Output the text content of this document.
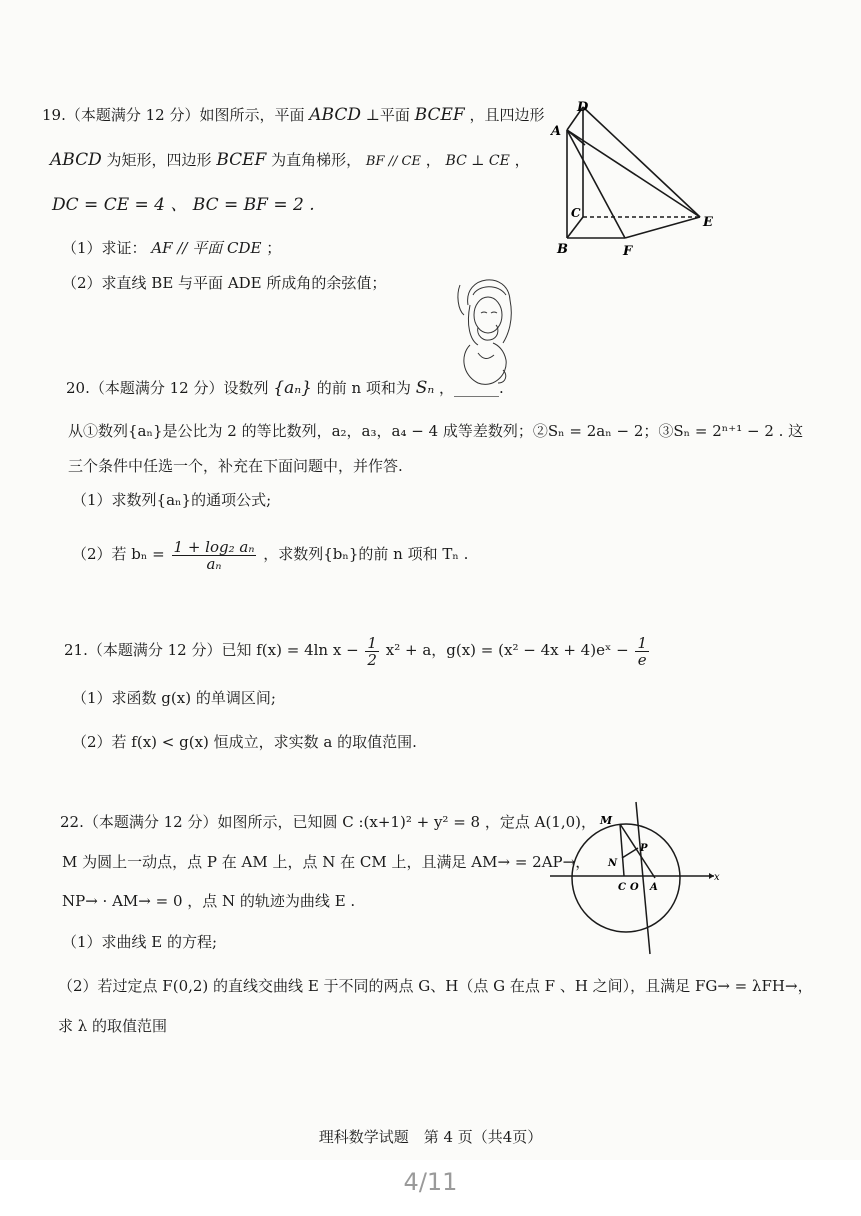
19.（本题满分 12 分）如图所示，平面 ABCD ⊥平面 BCEF ，且四边形
ABCD 为矩形，四边形 BCEF 为直角梯形， BF // CE ， BC ⊥ CE ，
DC = CE = 4 、 BC = BF = 2 .
（1）求证： AF // 平面 CDE ；
（2）求直线 BE 与平面 ADE 所成角的余弦值；
D
A
C
E
B	F
20.（本题满分 12 分）设数列 {aₙ} 的前 n 项和为 Sₙ ，______.
从①数列{aₙ}是公比为 2 的等比数列，a₂，a₃，a₄ − 4 成等差数列；②Sₙ = 2aₙ − 2；③Sₙ = 2ⁿ⁺¹ − 2 . 这
三个条件中任选一个，补充在下面问题中，并作答.
（1）求数列{aₙ}的通项公式;
（2）若 $b_n = \frac{\text{1 + log₂ aₙ}}{\text{aₙ}}$ ，求数列{bₙ}的前 n 项和 Tₙ .
21.（本题满分 12 分）已知 f(x) = 4ln $x - \frac{1}{2} x^2 + a$，g(x) = (x² − 4x + 4)eˣ − $\frac{1}{e}$
（1）求函数 g(x) 的单调区间;
（2）若 f(x) < g(x) 恒成立，求实数 a 的取值范围.
22.（本题满分 12 分）如图所示，已知圆 C :(x+1)² + y² = 8 ，定点 A(1,0)，
M 为圆上一动点，点 P 在 AM 上，点 N 在 CM 上，且满足 AM→ = 2AP→，
NP→ · AM→ = 0 ，点 N 的轨迹为曲线 E .
（1）求曲线 E 的方程;
（2）若过定点 F(0,2) 的直线交曲线 E 于不同的两点 G、H（点 G 在点 F 、H 之间），且满足 FG→ = λFH→，
求 λ 的取值范围
M
P
N
C O A
x
理科数学试题　第 4 页（共4页）
4/11
